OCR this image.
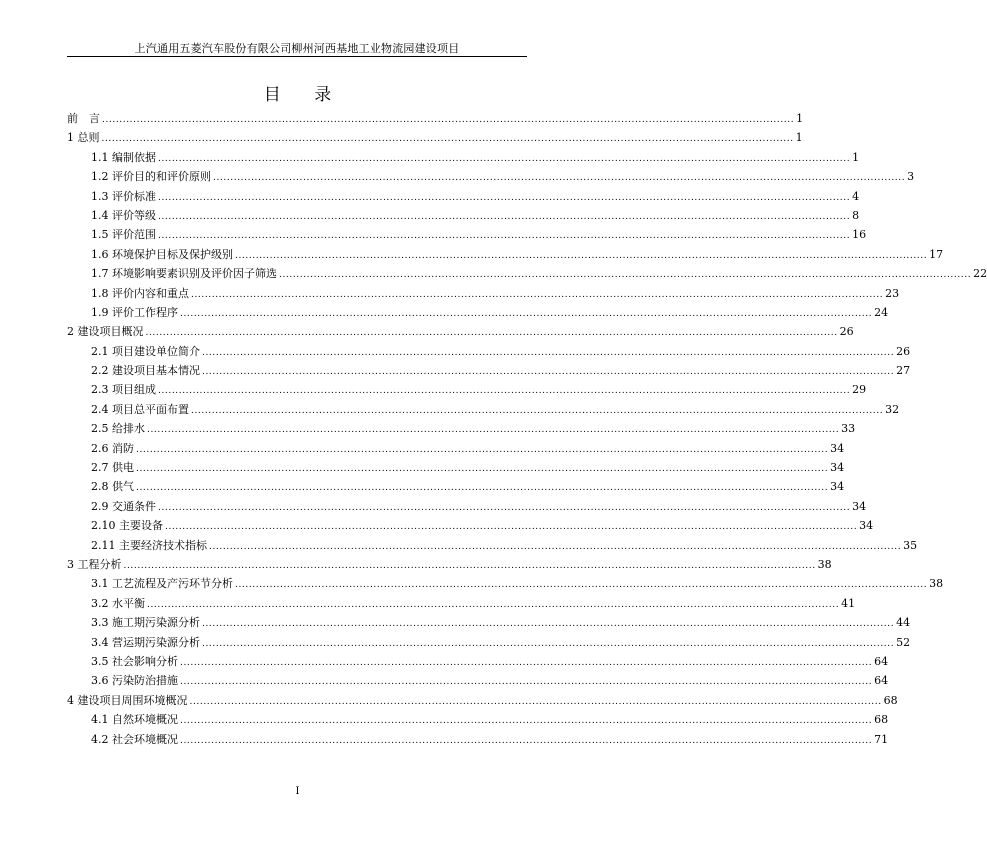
上汽通用五菱汽车股份有限公司柳州河西基地工业物流园建设项目
目 录
前　言 ........................................................................................................................................................................................................ 1
1 总则 ........................................................................................................................................................................................................ 1
1.1 编制依据 ........................................................................................................................................................................................................ 1
1.2 评价目的和评价原则 ........................................................................................................................................................................................................ 3
1.3 评价标准 ........................................................................................................................................................................................................ 4
1.4 评价等级 ........................................................................................................................................................................................................ 8
1.5 评价范围 ........................................................................................................................................................................................................ 16
1.6 环境保护目标及保护级别 ........................................................................................................................................................................................................ 17
1.7 环境影响要素识别及评价因子筛选 ........................................................................................................................................................................................................ 22
1.8 评价内容和重点 ........................................................................................................................................................................................................ 23
1.9 评价工作程序 ........................................................................................................................................................................................................ 24
2 建设项目概况 ........................................................................................................................................................................................................ 26
2.1 项目建设单位简介 ........................................................................................................................................................................................................ 26
2.2 建设项目基本情况 ........................................................................................................................................................................................................ 27
2.3 项目组成 ........................................................................................................................................................................................................ 29
2.4 项目总平面布置 ........................................................................................................................................................................................................ 32
2.5 给排水 ........................................................................................................................................................................................................ 33
2.6 消防 ........................................................................................................................................................................................................ 34
2.7 供电 ........................................................................................................................................................................................................ 34
2.8 供气 ........................................................................................................................................................................................................ 34
2.9 交通条件 ........................................................................................................................................................................................................ 34
2.10 主要设备 ........................................................................................................................................................................................................ 34
2.11 主要经济技术指标 ........................................................................................................................................................................................................ 35
3 工程分析 ........................................................................................................................................................................................................ 38
3.1 工艺流程及产污环节分析 ........................................................................................................................................................................................................ 38
3.2 水平衡 ........................................................................................................................................................................................................ 41
3.3 施工期污染源分析 ........................................................................................................................................................................................................ 44
3.4 营运期污染源分析 ........................................................................................................................................................................................................ 52
3.5 社会影响分析 ........................................................................................................................................................................................................ 64
3.6 污染防治措施 ........................................................................................................................................................................................................ 64
4 建设项目周围环境概况 ........................................................................................................................................................................................................ 68
4.1 自然环境概况 ........................................................................................................................................................................................................ 68
4.2 社会环境概况 ........................................................................................................................................................................................................ 71
I
